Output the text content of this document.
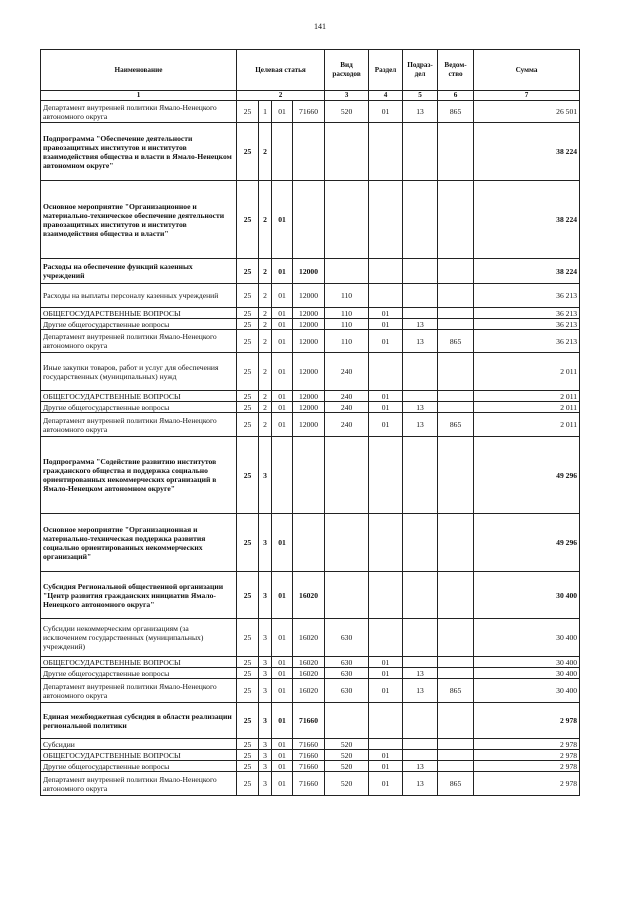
141
Наименование	Целевая статья				Вид расходов	Раздел	Подраз-дел	Ведом-ство	Сумма
1	2				3	4	5	6	7
Департамент внутренней политики Ямало-Ненецкого автономного округа	25	1	01	71660	520	01	13	865	26 501
Подпрограмма "Обеспечение деятельности правозащитных институтов и институтов взаимодействия общества и власти в Ямало-Ненецком автономном округе"	25	2							38 224
Основное мероприятие "Организационное и материально-техническое обеспечение деятельности правозащитных институтов и институтов взаимодействия общества и власти"	25	2	01						38 224
Расходы на обеспечение функций казенных учреждений	25	2	01	12000					38 224
Расходы на выплаты персоналу казенных учреждений	25	2	01	12000	110				36 213
ОБЩЕГОСУДАРСТВЕННЫЕ ВОПРОСЫ	25	2	01	12000	110	01			36 213
Другие общегосударственные вопросы	25	2	01	12000	110	01	13		36 213
Департамент внутренней политики Ямало-Ненецкого автономного округа	25	2	01	12000	110	01	13	865	36 213
Иные закупки товаров, работ и услуг для обеспечения государственных (муниципальных) нужд	25	2	01	12000	240				2 011
ОБЩЕГОСУДАРСТВЕННЫЕ ВОПРОСЫ	25	2	01	12000	240	01			2 011
Другие общегосударственные вопросы	25	2	01	12000	240	01	13		2 011
Департамент внутренней политики Ямало-Ненецкого автономного округа	25	2	01	12000	240	01	13	865	2 011
Подпрограмма "Содействие развитию институтов гражданского общества и поддержка социально ориентированных некоммерческих организаций в Ямало-Ненецком автономном округе"	25	3							49 296
Основное мероприятие "Организационная и материально-техническая поддержка развития социально ориентированных некоммерческих организаций"	25	3	01						49 296
Субсидия Региональной общественной организации "Центр развития гражданских инициатив Ямало-Ненецкого автономного округа"	25	3	01	16020					30 400
Субсидии некоммерческим организациям (за исключением государственных (муниципальных) учреждений)	25	3	01	16020	630				30 400
ОБЩЕГОСУДАРСТВЕННЫЕ ВОПРОСЫ	25	3	01	16020	630	01			30 400
Другие общегосударственные вопросы	25	3	01	16020	630	01	13		30 400
Департамент внутренней политики Ямало-Ненецкого автономного округа	25	3	01	16020	630	01	13	865	30 400
Единая межбюджетная субсидия в области реализации региональной политики	25	3	01	71660					2 978
Субсидии	25	3	01	71660	520				2 978
ОБЩЕГОСУДАРСТВЕННЫЕ ВОПРОСЫ	25	3	01	71660	520	01			2 978
Другие общегосударственные вопросы	25	3	01	71660	520	01	13		2 978
Департамент внутренней политики Ямало-Ненецкого автономного округа	25	3	01	71660	520	01	13	865	2 978
